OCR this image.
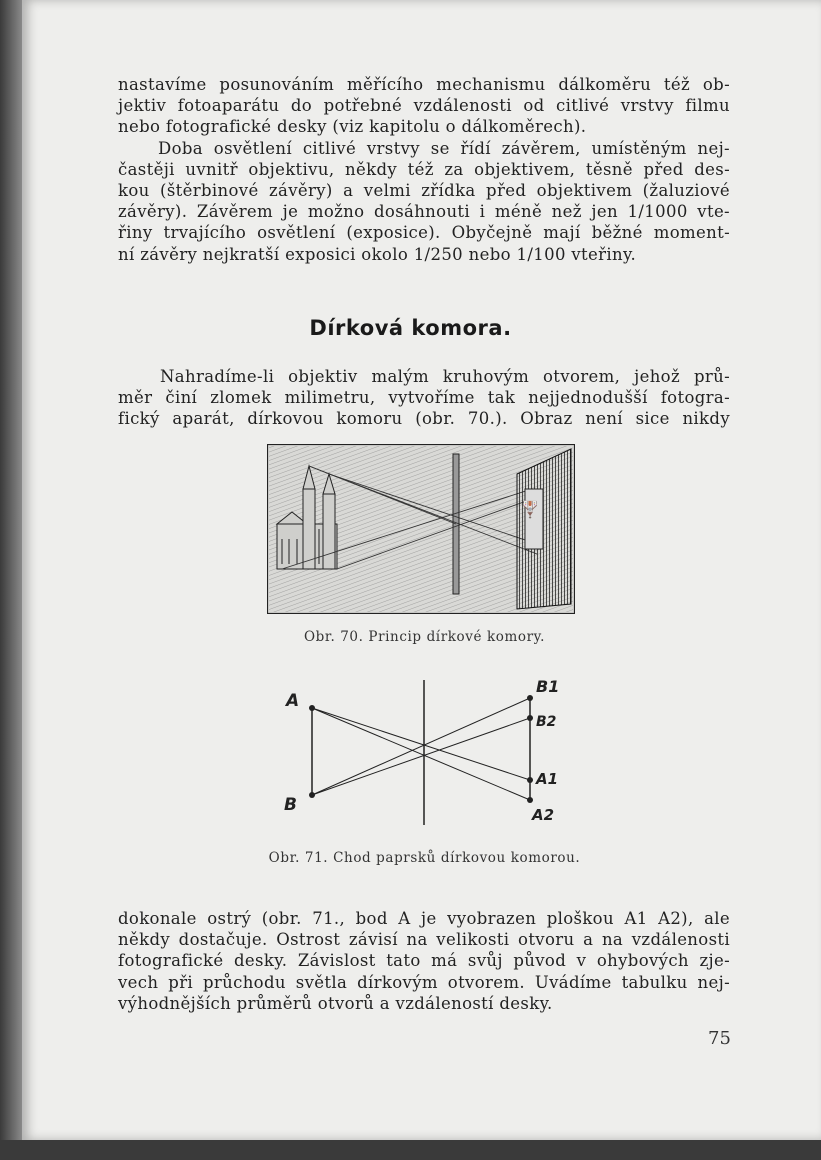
nastavíme posunováním měřícího mechanismu dálkoměru též ob-
jektiv fotoaparátu do potřebné vzdálenosti od citlivé vrstvy filmu
nebo fotografické desky (viz kapitolu o dálkoměrech).
Doba osvětlení citlivé vrstvy se řídí závěrem, umístěným nej-
častěji uvnitř objektivu, někdy též za objektivem, těsně před des-
kou (štěrbinové závěry) a velmi zřídka před objektivem (žaluziové
závěry). Závěrem je možno dosáhnouti i méně než jen 1/1000 vte-
řiny trvajícího osvětlení (exposice). Obyčejně mají běžné moment-
ní závěry nejkratší exposici okolo 1/250 nebo 1/100 vteřiny.
Dírková komora.
Nahradíme-li objektiv malým kruhovým otvorem, jehož prů-
měr činí zlomek milimetru, vytvoříme tak nejjednodušší fotogra-
fický aparát, dírkovou komoru (obr. 70.). Obraz není sice nikdy
⛪
Obr. 70. Princip dírkové komory.
A
B
B1
B2
A1
A2
Obr. 71. Chod paprsků dírkovou komorou.
dokonale ostrý (obr. 71., bod A je vyobrazen ploškou A1 A2), ale
někdy dostačuje. Ostrost závisí na velikosti otvoru a na vzdálenosti
fotografické desky. Závislost tato má svůj původ v ohybových zje-
vech při průchodu světla dírkovým otvorem. Uvádíme tabulku nej-
výhodnějších průměrů otvorů a vzdáleností desky.
75
